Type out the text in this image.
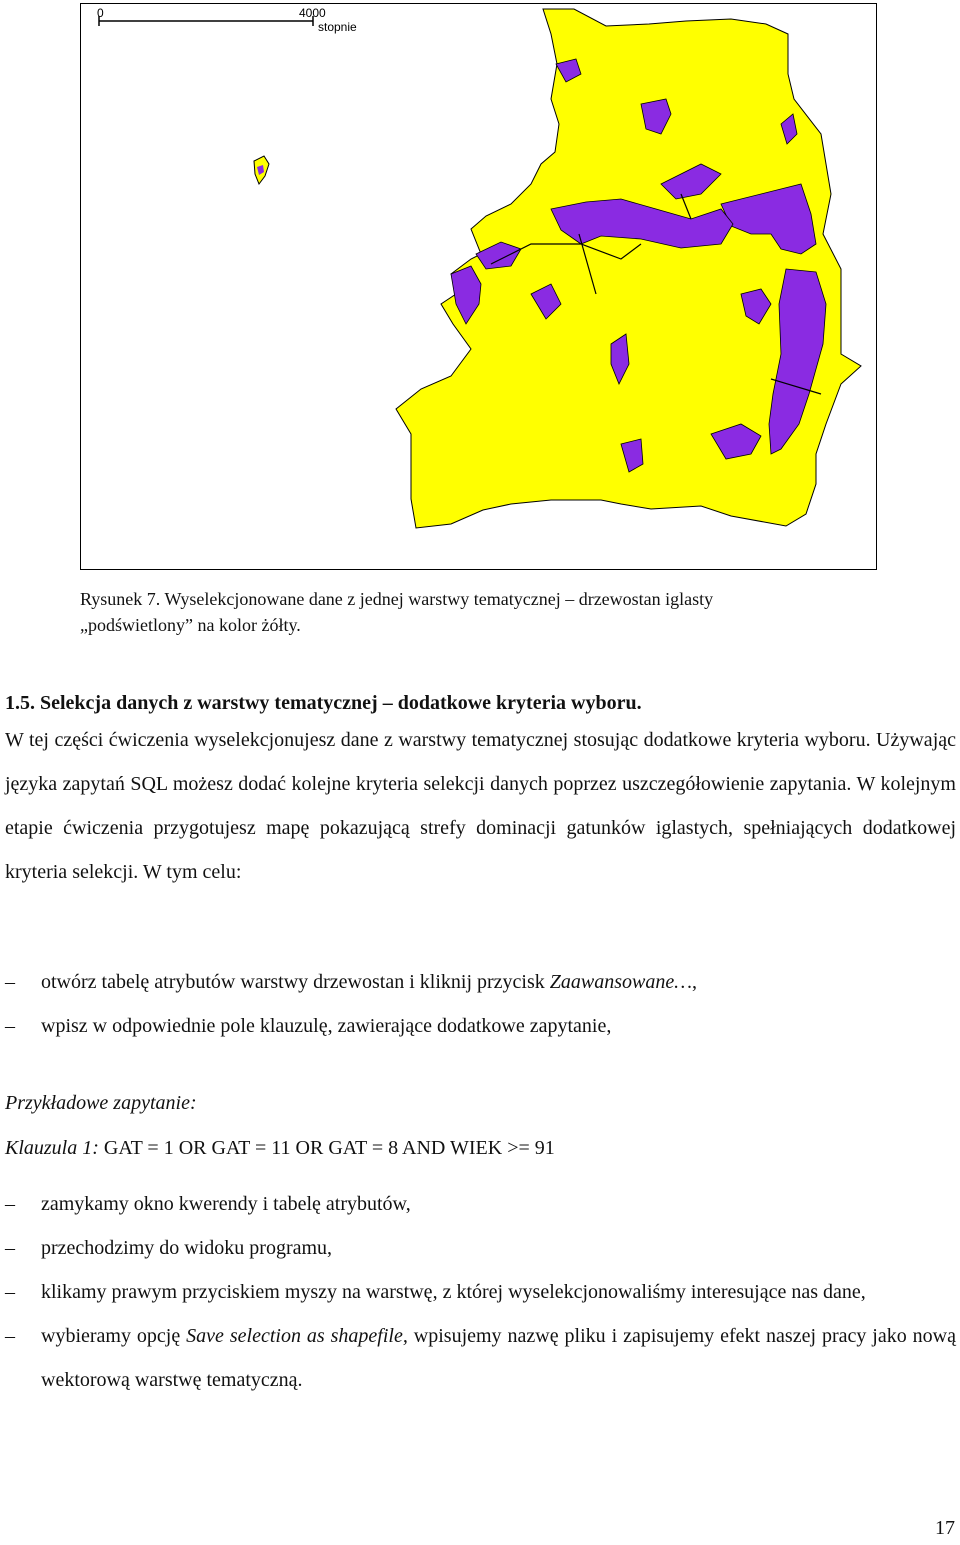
0	4000
stopnie
Rysunek 7. Wyselekcjonowane dane z jednej warstwy tematycznej – drzewostan iglasty
„podświetlony” na kolor żółty.
1.5. Selekcja danych z warstwy tematycznej – dodatkowe kryteria wyboru.
W tej części ćwiczenia wyselekcjonujesz dane z warstwy tematycznej stosując dodatkowe kryteria wyboru. Używając języka zapytań SQL możesz dodać kolejne kryteria selekcji danych poprzez uszczegółowienie zapytania. W kolejnym etapie ćwiczenia przygotujesz mapę pokazującą strefy dominacji gatunków iglastych, spełniających dodatkowej kryteria selekcji. W tym celu:
– otwórz tabelę atrybutów warstwy drzewostan i kliknij przycisk Zaawansowane…,
– wpisz w odpowiednie pole klauzulę, zawierające dodatkowe zapytanie,
Przykładowe zapytanie:
Klauzula 1: GAT = 1 OR GAT = 11 OR GAT = 8 AND WIEK >= 91
– zamykamy okno kwerendy i tabelę atrybutów,
– przechodzimy do widoku programu,
– klikamy prawym przyciskiem myszy na warstwę, z której wyselekcjonowaliśmy interesujące nas dane,
– wybieramy opcję Save selection as shapefile, wpisujemy nazwę pliku i zapisujemy efekt naszej pracy jako nową wektorową warstwę tematyczną.
17
